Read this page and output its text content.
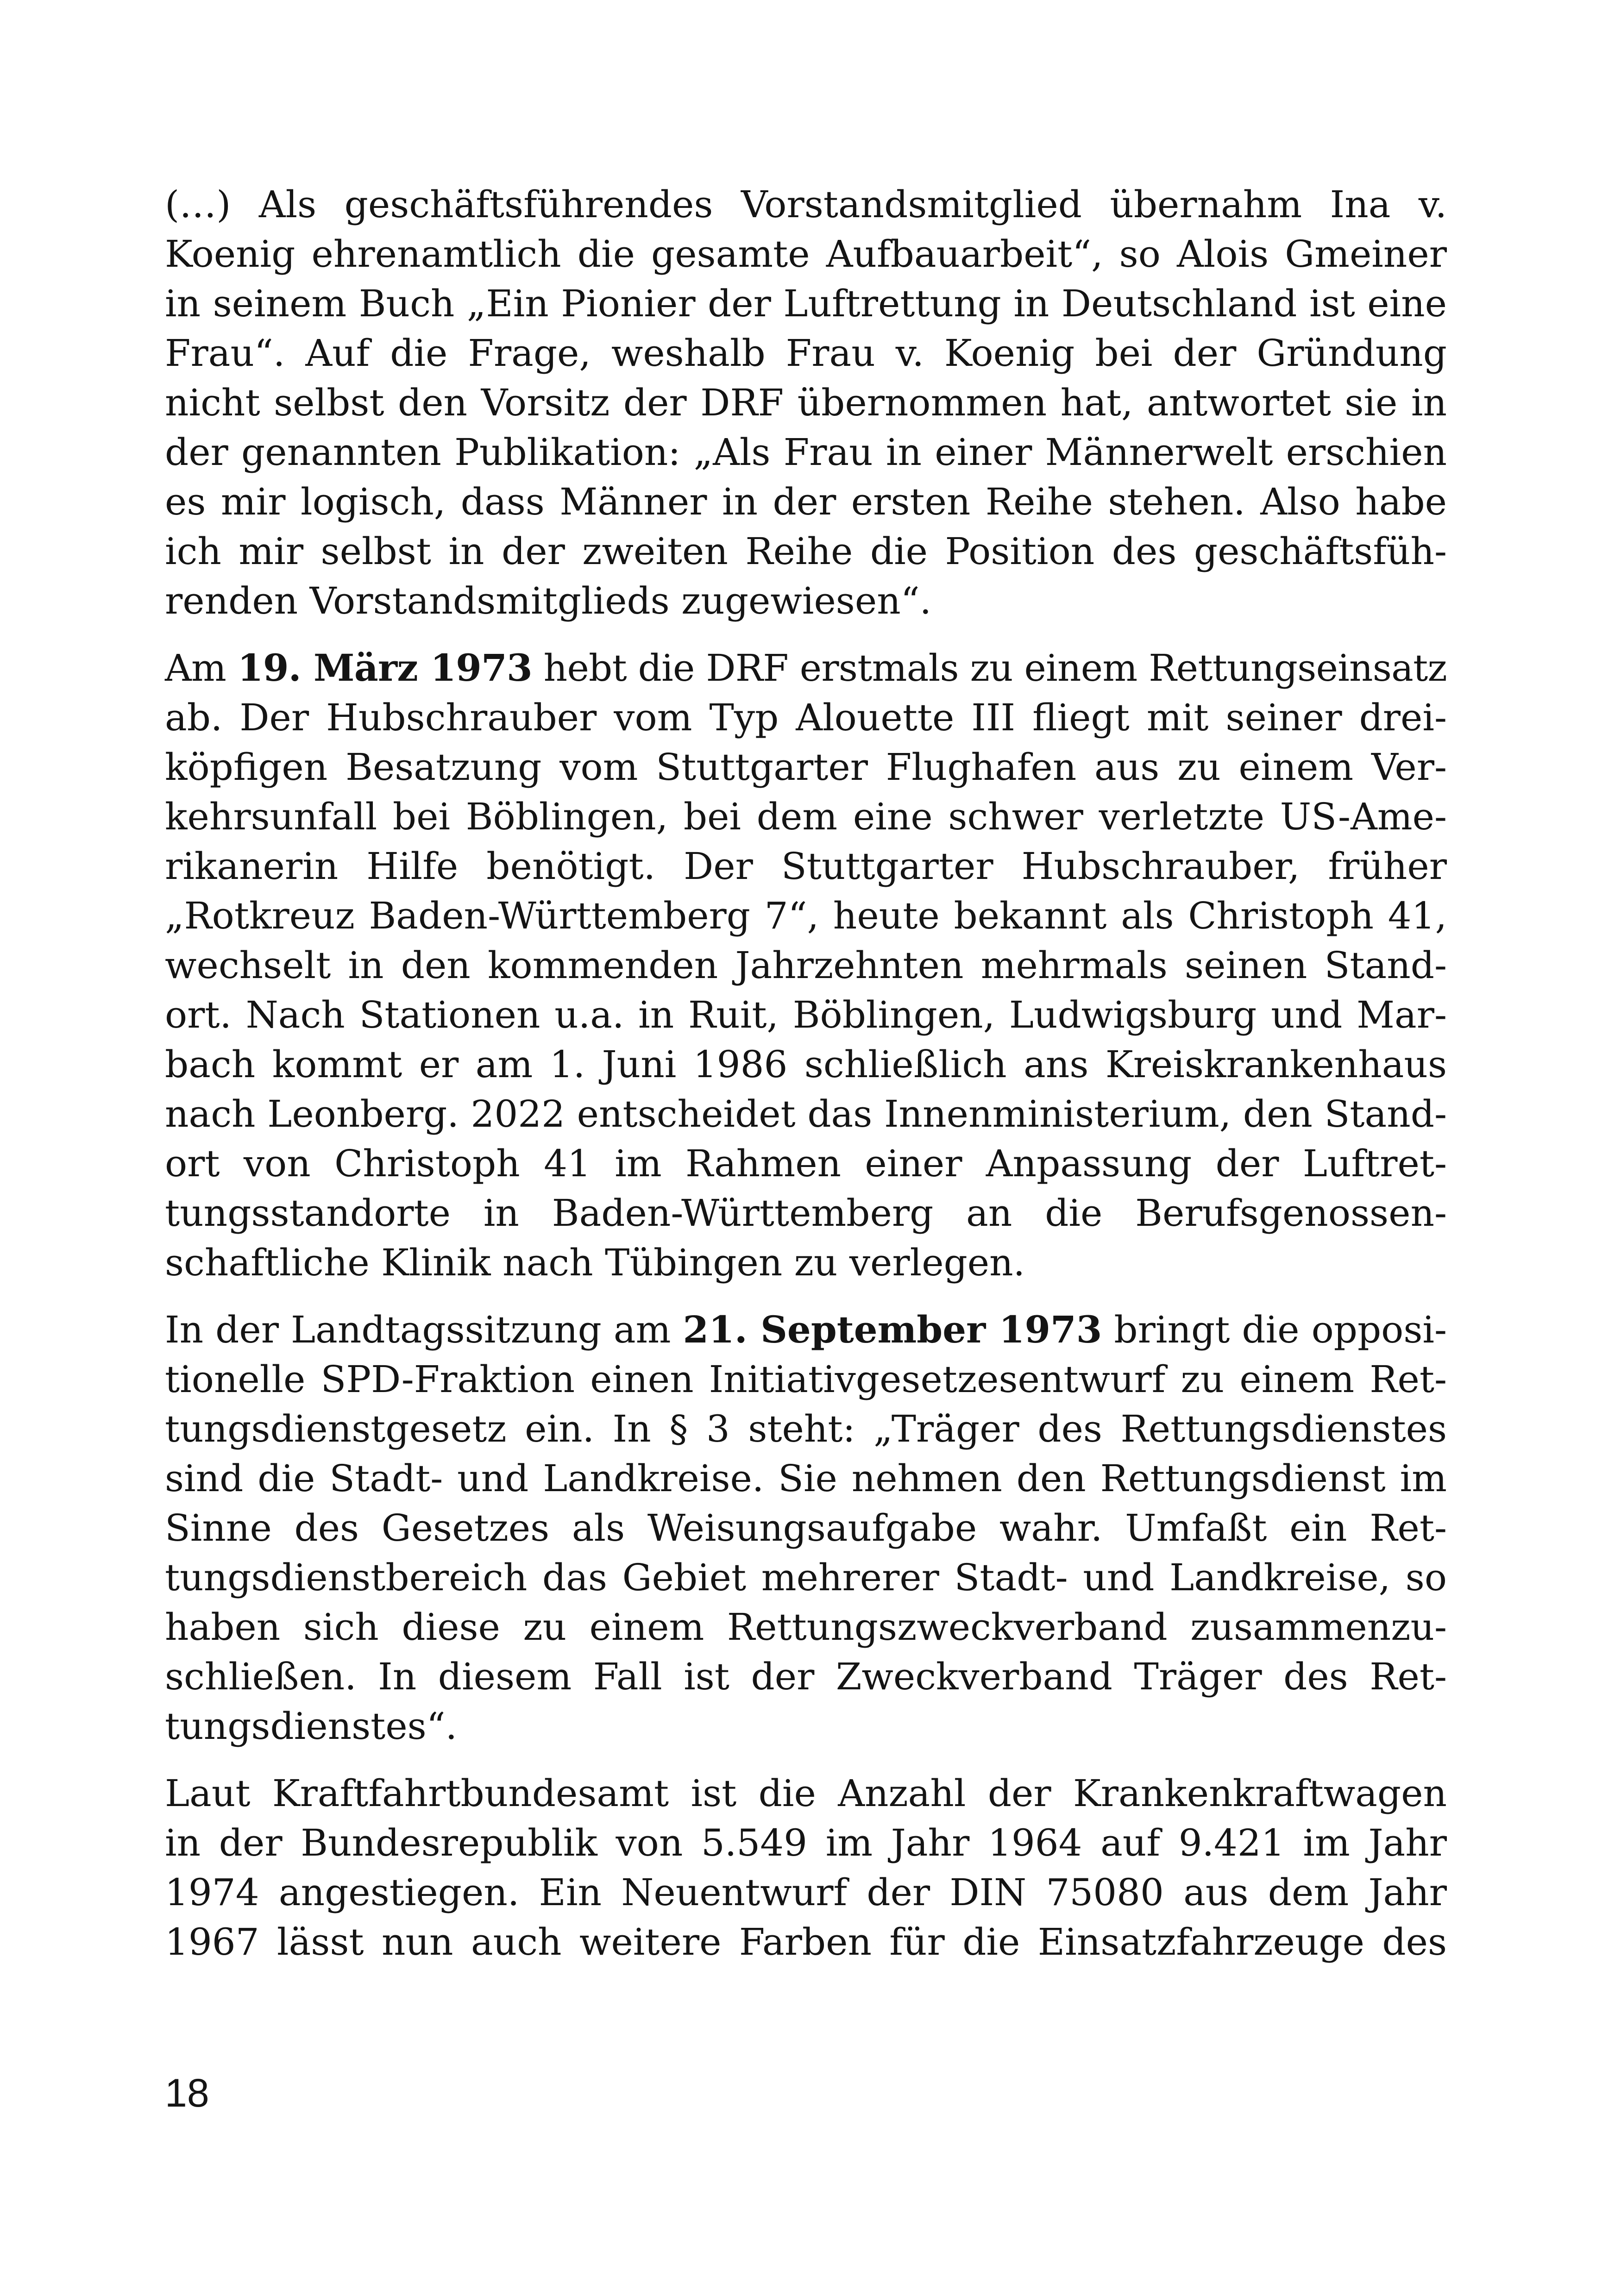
(…) Als geschäftsführendes Vorstandsmitglied übernahm Ina v.
Koenig ehrenamtlich die gesamte Aufbauarbeit“, so Alois Gmeiner
in seinem Buch „Ein Pionier der Luftrettung in Deutschland ist eine
Frau“. Auf die Frage, weshalb Frau v. Koenig bei der Gründung
nicht selbst den Vorsitz der DRF übernommen hat, antwortet sie in
der genannten Publikation: „Als Frau in einer Männerwelt erschien
es mir logisch, dass Männer in der ersten Reihe stehen. Also habe
ich mir selbst in der zweiten Reihe die Position des geschäftsfüh-
renden Vorstandsmitglieds zugewiesen“.
Am 19. März 1973 hebt die DRF erstmals zu einem Rettungseinsatz
ab. Der Hubschrauber vom Typ Alouette III fliegt mit seiner drei-
köpfigen Besatzung vom Stuttgarter Flughafen aus zu einem Ver-
kehrsunfall bei Böblingen, bei dem eine schwer verletzte US-Ame-
rikanerin Hilfe benötigt. Der Stuttgarter Hubschrauber, früher
„Rotkreuz Baden-Württemberg 7“, heute bekannt als Christoph 41,
wechselt in den kommenden Jahrzehnten mehrmals seinen Stand-
ort. Nach Stationen u.a. in Ruit, Böblingen, Ludwigsburg und Mar-
bach kommt er am 1. Juni 1986 schließlich ans Kreiskrankenhaus
nach Leonberg. 2022 entscheidet das Innenministerium, den Stand-
ort von Christoph 41 im Rahmen einer Anpassung der Luftret-
tungsstandorte in Baden-Württemberg an die Berufsgenossen-
schaftliche Klinik nach Tübingen zu verlegen.
In der Landtagssitzung am 21. September 1973 bringt die opposi-
tionelle SPD-Fraktion einen Initiativgesetzesentwurf zu einem Ret-
tungsdienstgesetz ein. In § 3 steht: „Träger des Rettungsdienstes
sind die Stadt- und Landkreise. Sie nehmen den Rettungsdienst im
Sinne des Gesetzes als Weisungsaufgabe wahr. Umfaßt ein Ret-
tungsdienstbereich das Gebiet mehrerer Stadt- und Landkreise, so
haben sich diese zu einem Rettungszweckverband zusammenzu-
schließen. In diesem Fall ist der Zweckverband Träger des Ret-
tungsdienstes“.
Laut Kraftfahrtbundesamt ist die Anzahl der Krankenkraftwagen
in der Bundesrepublik von 5.549 im Jahr 1964 auf 9.421 im Jahr
1974 angestiegen. Ein Neuentwurf der DIN 75080 aus dem Jahr
1967 lässt nun auch weitere Farben für die Einsatzfahrzeuge des
18
